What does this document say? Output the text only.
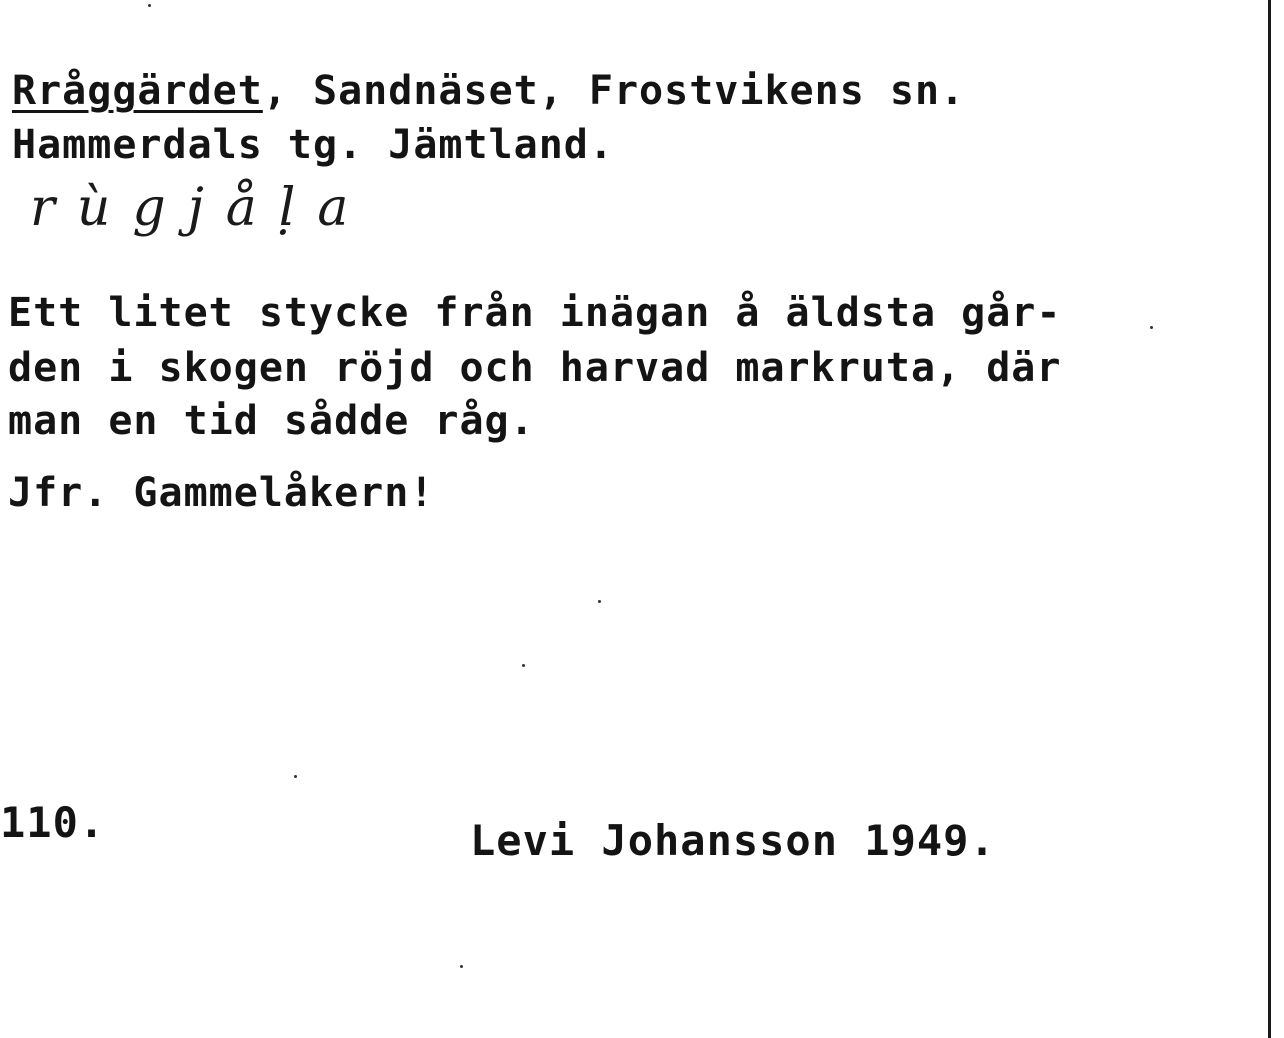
Rråggärdet, Sandnäset, Frostvikens sn.
Hammerdals tg. Jämtland.
rùgjåḷa
Ett litet stycke från inägan å äldsta går-
den i skogen röjd och harvad markruta, där
man en tid sådde råg.
Jfr. Gammelåkern!
110.	Levi Johansson 1949.
